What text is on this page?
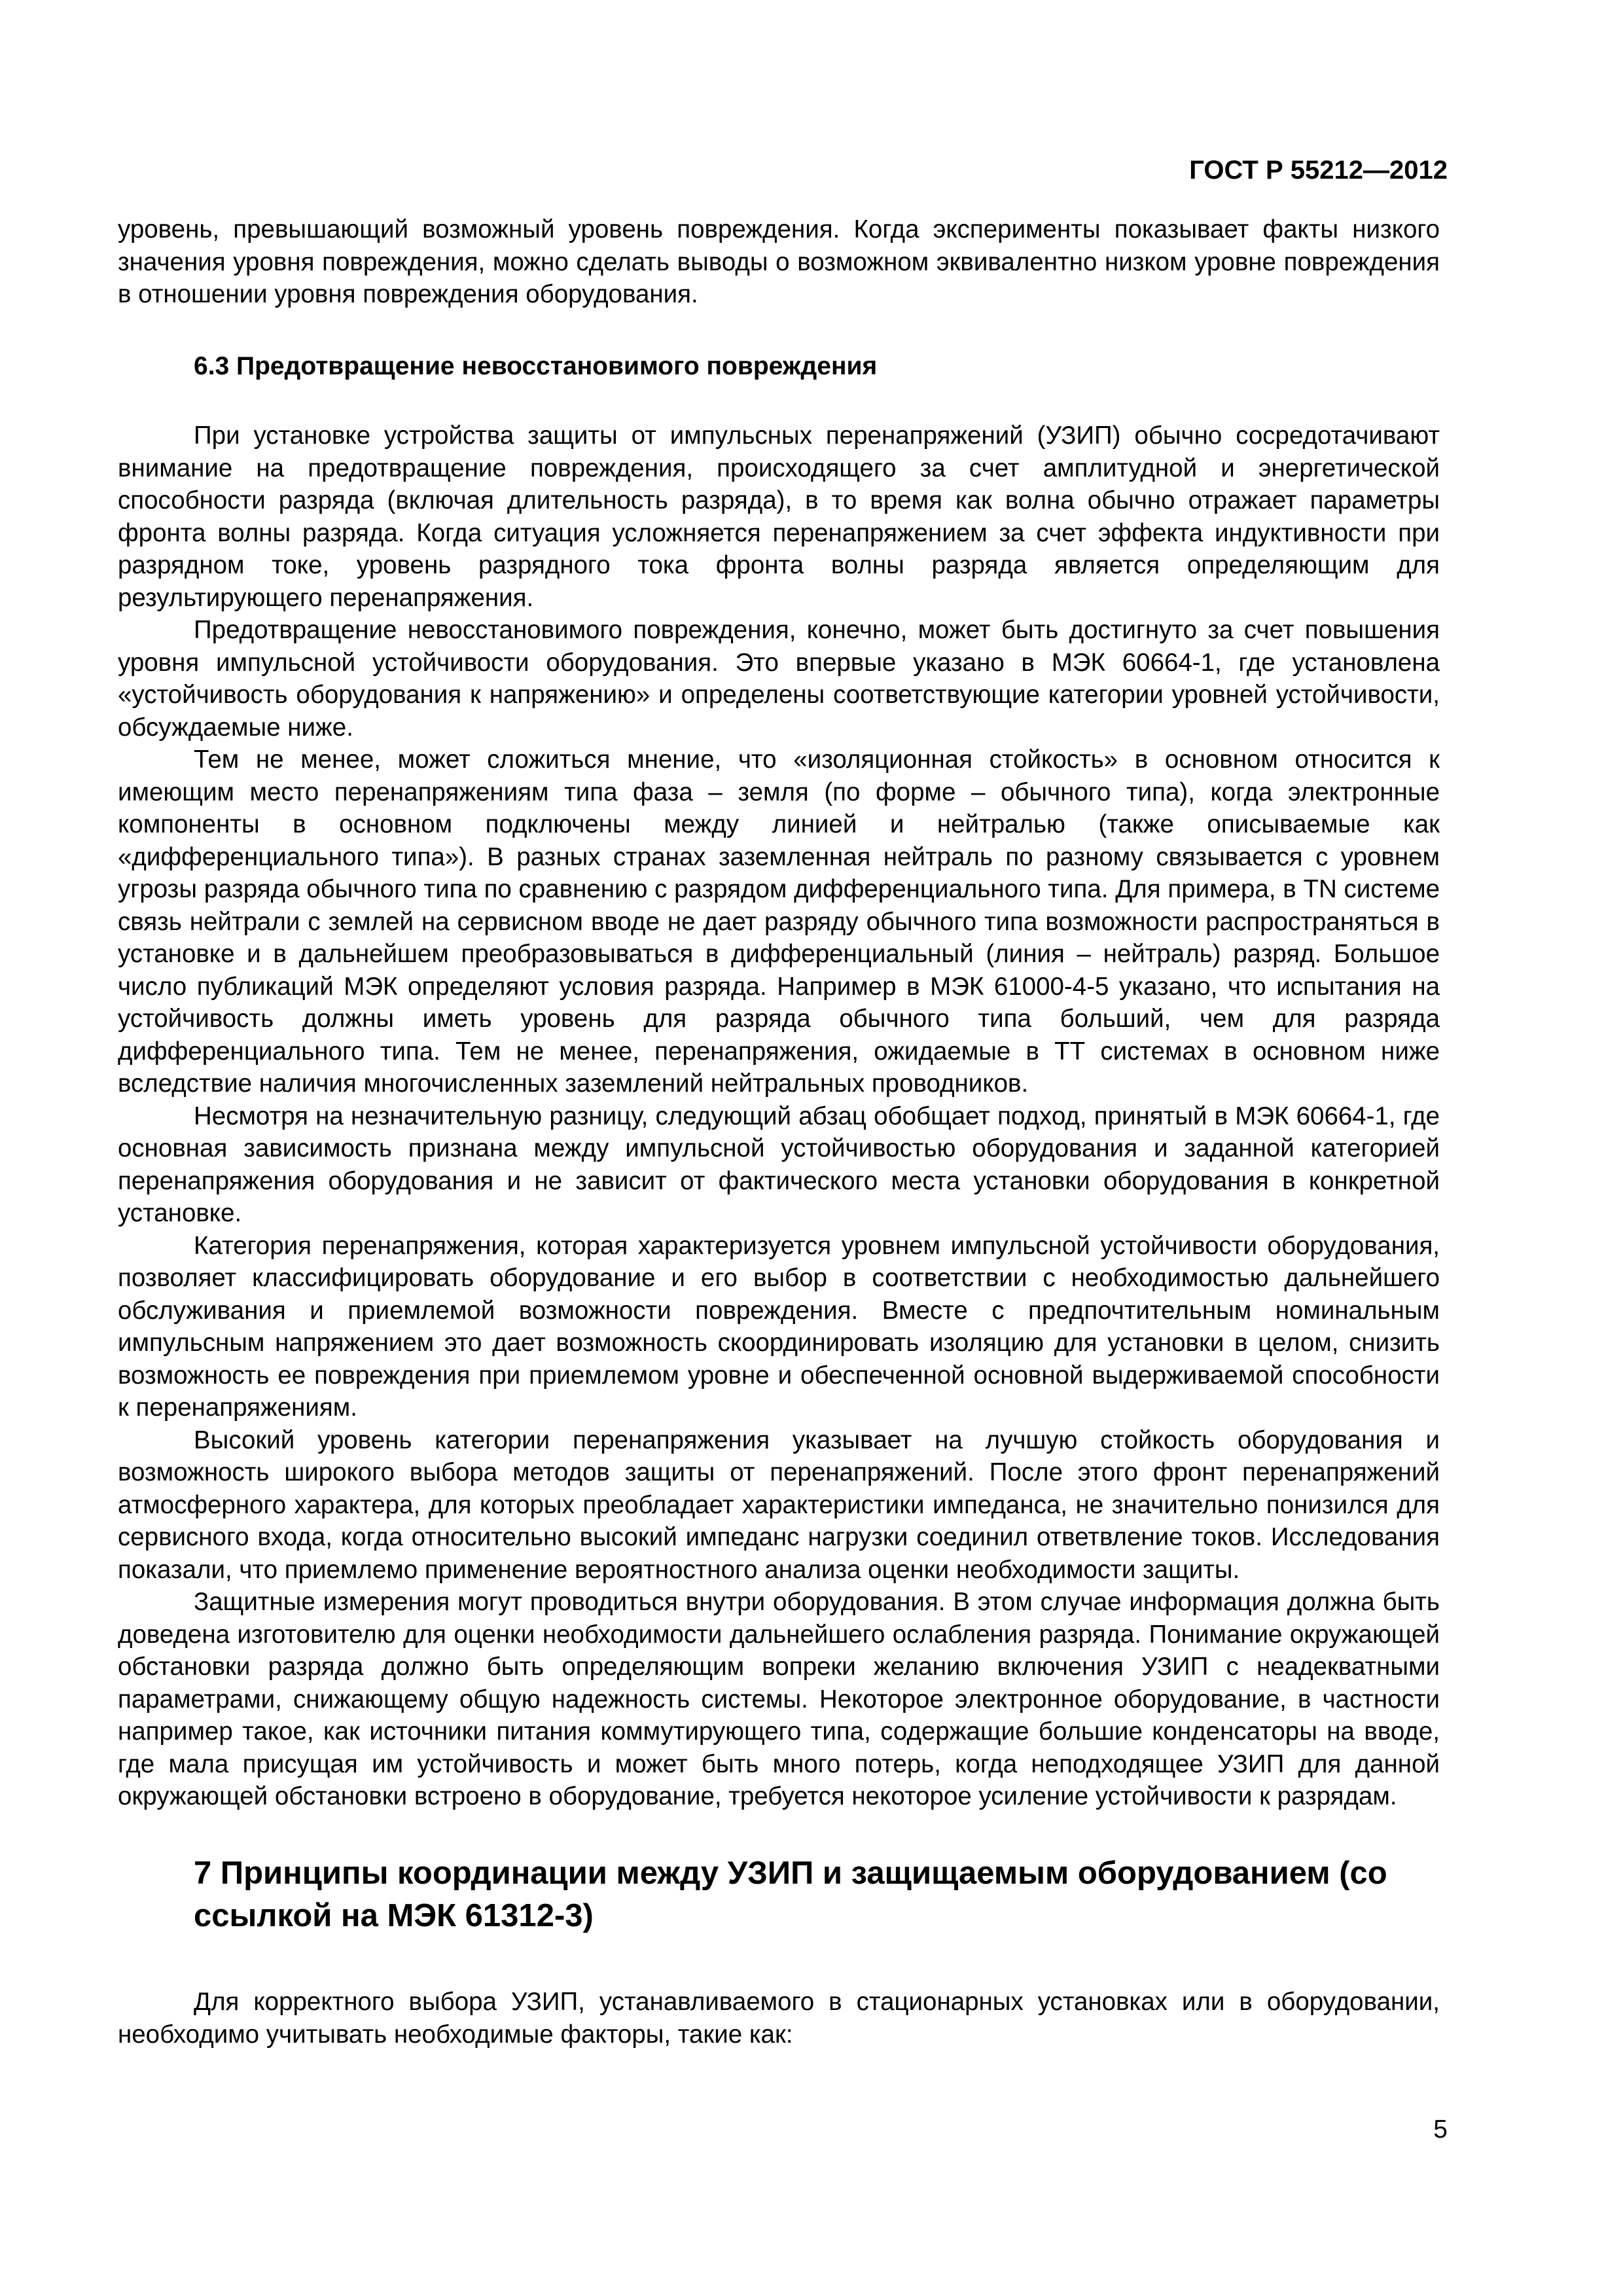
ГОСТ Р 55212—2012

уровень, превышающий возможный уровень повреждения. Когда эксперименты показывает факты низкого значения уровня повреждения, можно сделать выводы о возможном эквивалентно низком уровне повреждения в отношении уровня повреждения оборудования.

6.3 Предотвращение невосстановимого повреждения

При установке устройства защиты от импульсных перенапряжений (УЗИП) обычно сосредотачивают внимание на предотвращение повреждения, происходящего за счет амплитудной и энергетической способности разряда (включая длительность разряда), в то время как волна обычно отражает параметры фронта волны разряда. Когда ситуация усложняется перенапряжением за счет эффекта индуктивности при разрядном токе, уровень разрядного тока фронта волны разряда является определяющим для результирующего перенапряжения.

Предотвращение невосстановимого повреждения, конечно, может быть достигнуто за счет повышения уровня импульсной устойчивости оборудования. Это впервые указано в МЭК 60664-1, где установлена «устойчивость оборудования к напряжению» и определены соответствующие категории уровней устойчивости, обсуждаемые ниже.

Тем не менее, может сложиться мнение, что «изоляционная стойкость» в основном относится к имеющим место перенапряжениям типа фаза – земля (по форме – обычного типа), когда электронные компоненты в основном подключены между линией и нейтралью (также описываемые как «дифференциального типа»). В разных странах заземленная нейтраль по разному связывается с уровнем угрозы разряда обычного типа по сравнению с разрядом дифференциального типа. Для примера, в TN системе связь нейтрали с землей на сервисном вводе не дает разряду обычного типа возможности распространяться в установке и в дальнейшем преобразовываться в дифференциальный (линия – нейтраль) разряд. Большое число публикаций МЭК определяют условия разряда. Например в МЭК 61000-4-5 указано, что испытания на устойчивость должны иметь уровень для разряда обычного типа больший, чем для разряда дифференциального типа. Тем не менее, перенапряжения, ожидаемые в ТТ системах в основном ниже вследствие наличия многочисленных заземлений нейтральных проводников.

Несмотря на незначительную разницу, следующий абзац обобщает подход, принятый в МЭК 60664-1, где основная зависимость признана между импульсной устойчивостью оборудования и заданной категорией перенапряжения оборудования и не зависит от фактического места установки оборудования в конкретной установке.

Категория перенапряжения, которая характеризуется уровнем импульсной устойчивости оборудования, позволяет классифицировать оборудование и его выбор в соответствии с необходимостью дальнейшего обслуживания и приемлемой возможности повреждения. Вместе с предпочтительным номинальным импульсным напряжением это дает возможность скоординировать изоляцию для установки в целом, снизить возможность ее повреждения при приемлемом уровне и обеспеченной основной выдерживаемой способности к перенапряжениям.

Высокий уровень категории перенапряжения указывает на лучшую стойкость оборудования и возможность широкого выбора методов защиты от перенапряжений. После этого фронт перенапряжений атмосферного характера, для которых преобладает характеристики импеданса, не значительно понизился для сервисного входа, когда относительно высокий импеданс нагрузки соединил ответвление токов. Исследования показали, что приемлемо применение вероятностного анализа оценки необходимости защиты.

Защитные измерения могут проводиться внутри оборудования. В этом случае информация должна быть доведена изготовителю для оценки необходимости дальнейшего ослабления разряда. Понимание окружающей обстановки разряда должно быть определяющим вопреки желанию включения УЗИП с неадекватными параметрами, снижающему общую надежность системы. Некоторое электронное оборудование, в частности например такое, как источники питания коммутирующего типа, содержащие большие конденсаторы на вводе, где мала присущая им устойчивость и может быть много потерь, когда неподходящее УЗИП для данной окружающей обстановки встроено в оборудование, требуется некоторое усиление устойчивости к разрядам.

7 Принципы координации между УЗИП и защищаемым оборудованием (со ссылкой на МЭК 61312-3)

Для корректного выбора УЗИП, устанавливаемого в стационарных установках или в оборудовании, необходимо учитывать необходимые факторы, такие как:

5
